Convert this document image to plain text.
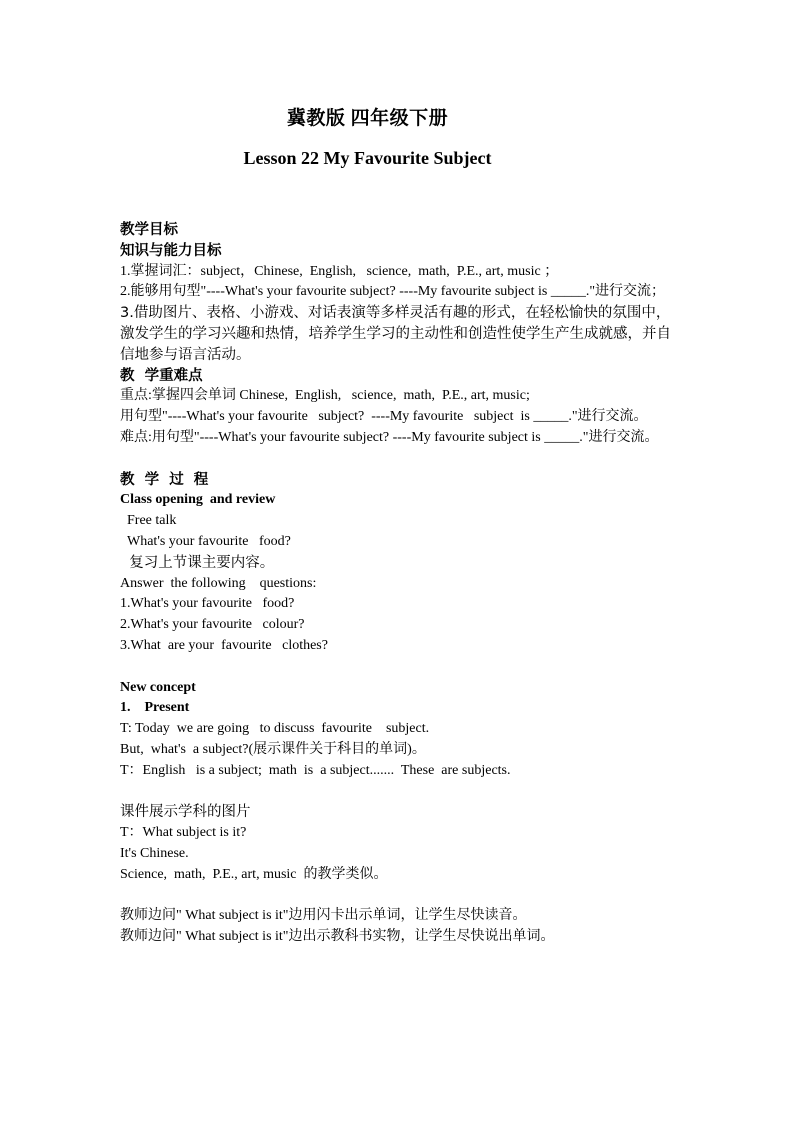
冀教版 四年级下册
Lesson 22 My Favourite Subject
教学目标
知识与能力目标
1.掌握词汇：subject，Chinese,  English,   science,  math,  P.E., art, music ；
2.能够用句型"----What's your favourite subject? ----My favourite subject is _____."进行交流；
3.借助图片、表格、小游戏、对话表演等多样灵活有趣的形式，在轻松愉快的氛围中，激发学生的学习兴趣和热情，培养学生学习的主动性和创造性使学生产生成就感，并自信地参与语言活动。
教  学重难点
重点:掌握四会单词 Chinese,  English,   science,  math,  P.E., art, music;
用句型"----What's your favourite   subject?  ----My favourite   subject  is _____."进行交流。
难点:用句型"----What's your favourite subject? ----My favourite subject is _____."进行交流。
教  学  过  程
Class opening  and review
Free talk
What's your favourite   food?
复习上节课主要内容。
Answer  the following    questions:
1.What's your favourite   food?
2.What's your favourite   colour?
3.What  are your  favourite   clothes?
New concept
1.    Present
T: Today  we are going   to discuss  favourite    subject.
But,  what's  a subject?(展示课件关于科目的单词)。
T：English   is a subject;  math  is  a subject.......  These  are subjects.
课件展示学科的图片
T：What subject is it?
It's Chinese.
Science,  math,  P.E., art, music  的教学类似。
教师边问" What subject is it"边用闪卡出示单词，让学生尽快读音。
教师边问" What subject is it"边出示教科书实物，让学生尽快说出单词。
